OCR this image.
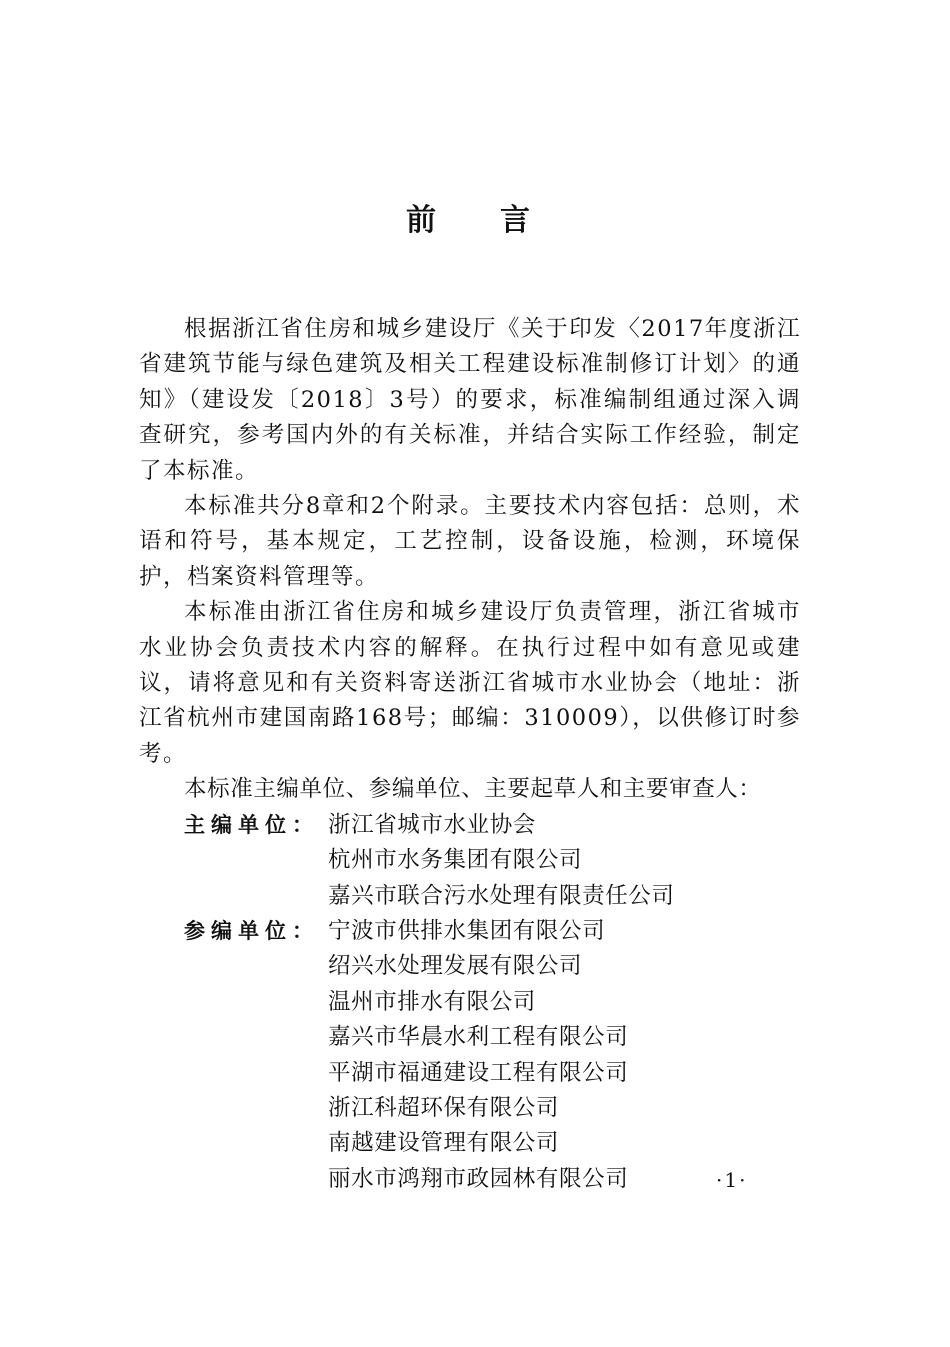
前言

根据浙江省住房和城乡建设厅《关于印发〈2017年度浙江省建筑节能与绿色建筑及相关工程建设标准制修订计划〉的通知》（建设发〔2018〕3号）的要求，标准编制组通过深入调查研究，参考国内外的有关标准，并结合实际工作经验，制定了本标准。

本标准共分8章和2个附录。主要技术内容包括：总则，术语和符号，基本规定，工艺控制，设备设施，检测，环境保护，档案资料管理等。

本标准由浙江省住房和城乡建设厅负责管理，浙江省城市水业协会负责技术内容的解释。在执行过程中如有意见或建议，请将意见和有关资料寄送浙江省城市水业协会（地址：浙江省杭州市建国南路168号；邮编：310009），以供修订时参考。

本标准主编单位、参编单位、主要起草人和主要审查人：

主编单位： 浙江省城市水业协会
杭州市水务集团有限公司
嘉兴市联合污水处理有限责任公司
参编单位： 宁波市供排水集团有限公司
绍兴水处理发展有限公司
温州市排水有限公司
嘉兴市华晨水利工程有限公司
平湖市福通建设工程有限公司
浙江科超环保有限公司
南越建设管理有限公司
丽水市鸿翔市政园林有限公司	·1·
